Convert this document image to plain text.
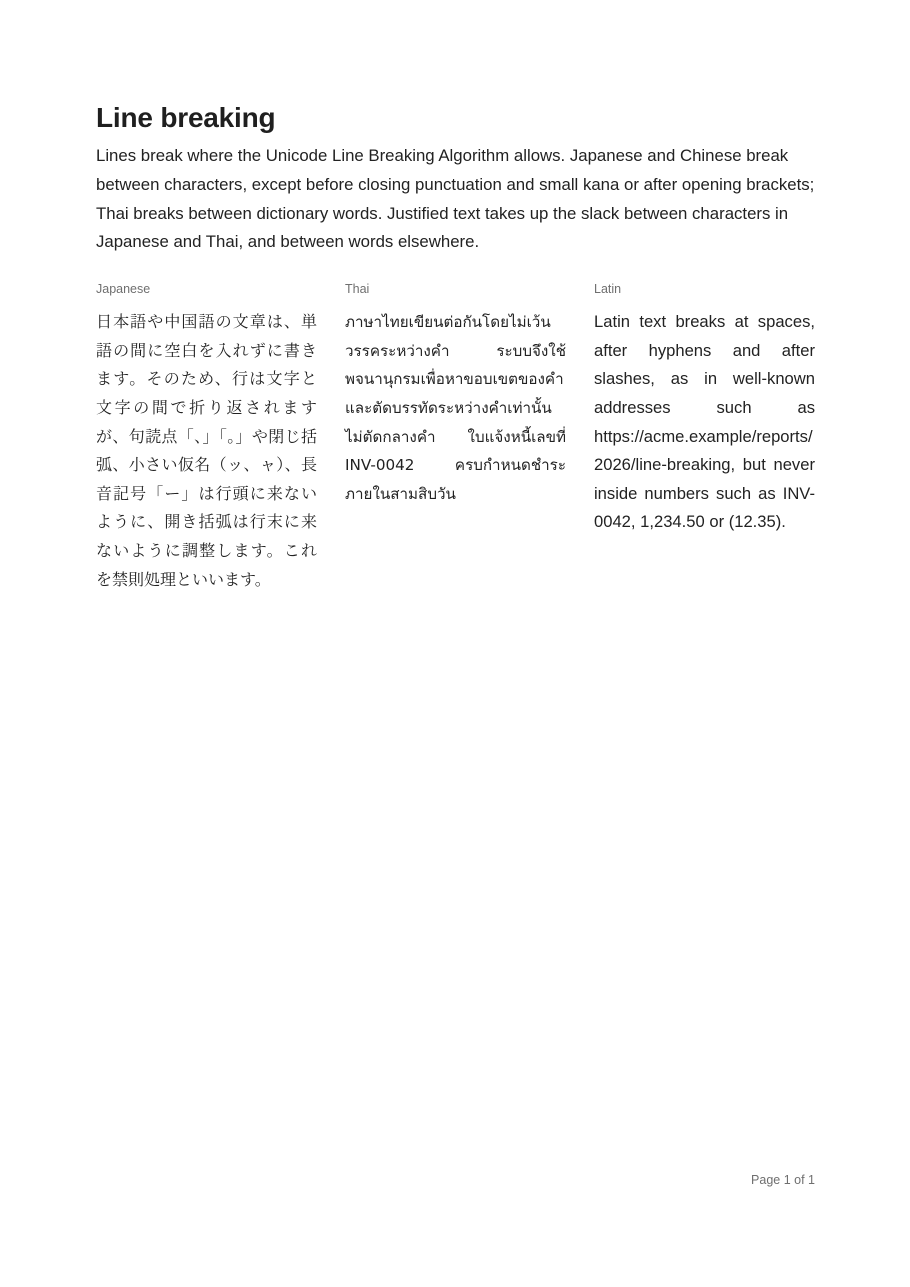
Line breaking

Lines break where the Unicode Line Breaking Algorithm allows. Japanese and Chinese break between characters, except before closing punctuation and small kana or after opening brackets; Thai breaks between dictionary words. Justified text takes up the slack between characters in Japanese and Thai, and between words elsewhere.

Japanese
日本語や中国語の文章は、単語の間に空白を入れずに書きます。そのため、行は文字と文字の間で折り返されますが、句読点「、」「。」や閉じ括弧、小さい仮名（ッ、ャ）、長音記号「ー」は行頭に来ないように、開き括弧は行末に来ないように調整します。これを禁則処理といいます。
Thai
ภาษาไทยเขียนต่อกันโดยไม่เว้นวรรคระหว่างคำ ระบบจึงใช้พจนานุกรมเพื่อหาขอบเขตของคำและตัดบรรทัดระหว่างคำเท่านั้น ไม่ตัดกลางคำ ใบแจ้งหนี้เลขที่ INV-0042 ครบกำหนดชำระภายในสามสิบวัน
Latin
Latin text breaks at spaces, after hyphens and after slashes, as in well-known addresses such as https://acme.example/reports/2026/line-breaking, but never inside numbers such as INV-0042, 1,234.50 or (12.35).
Page 1 of 1
